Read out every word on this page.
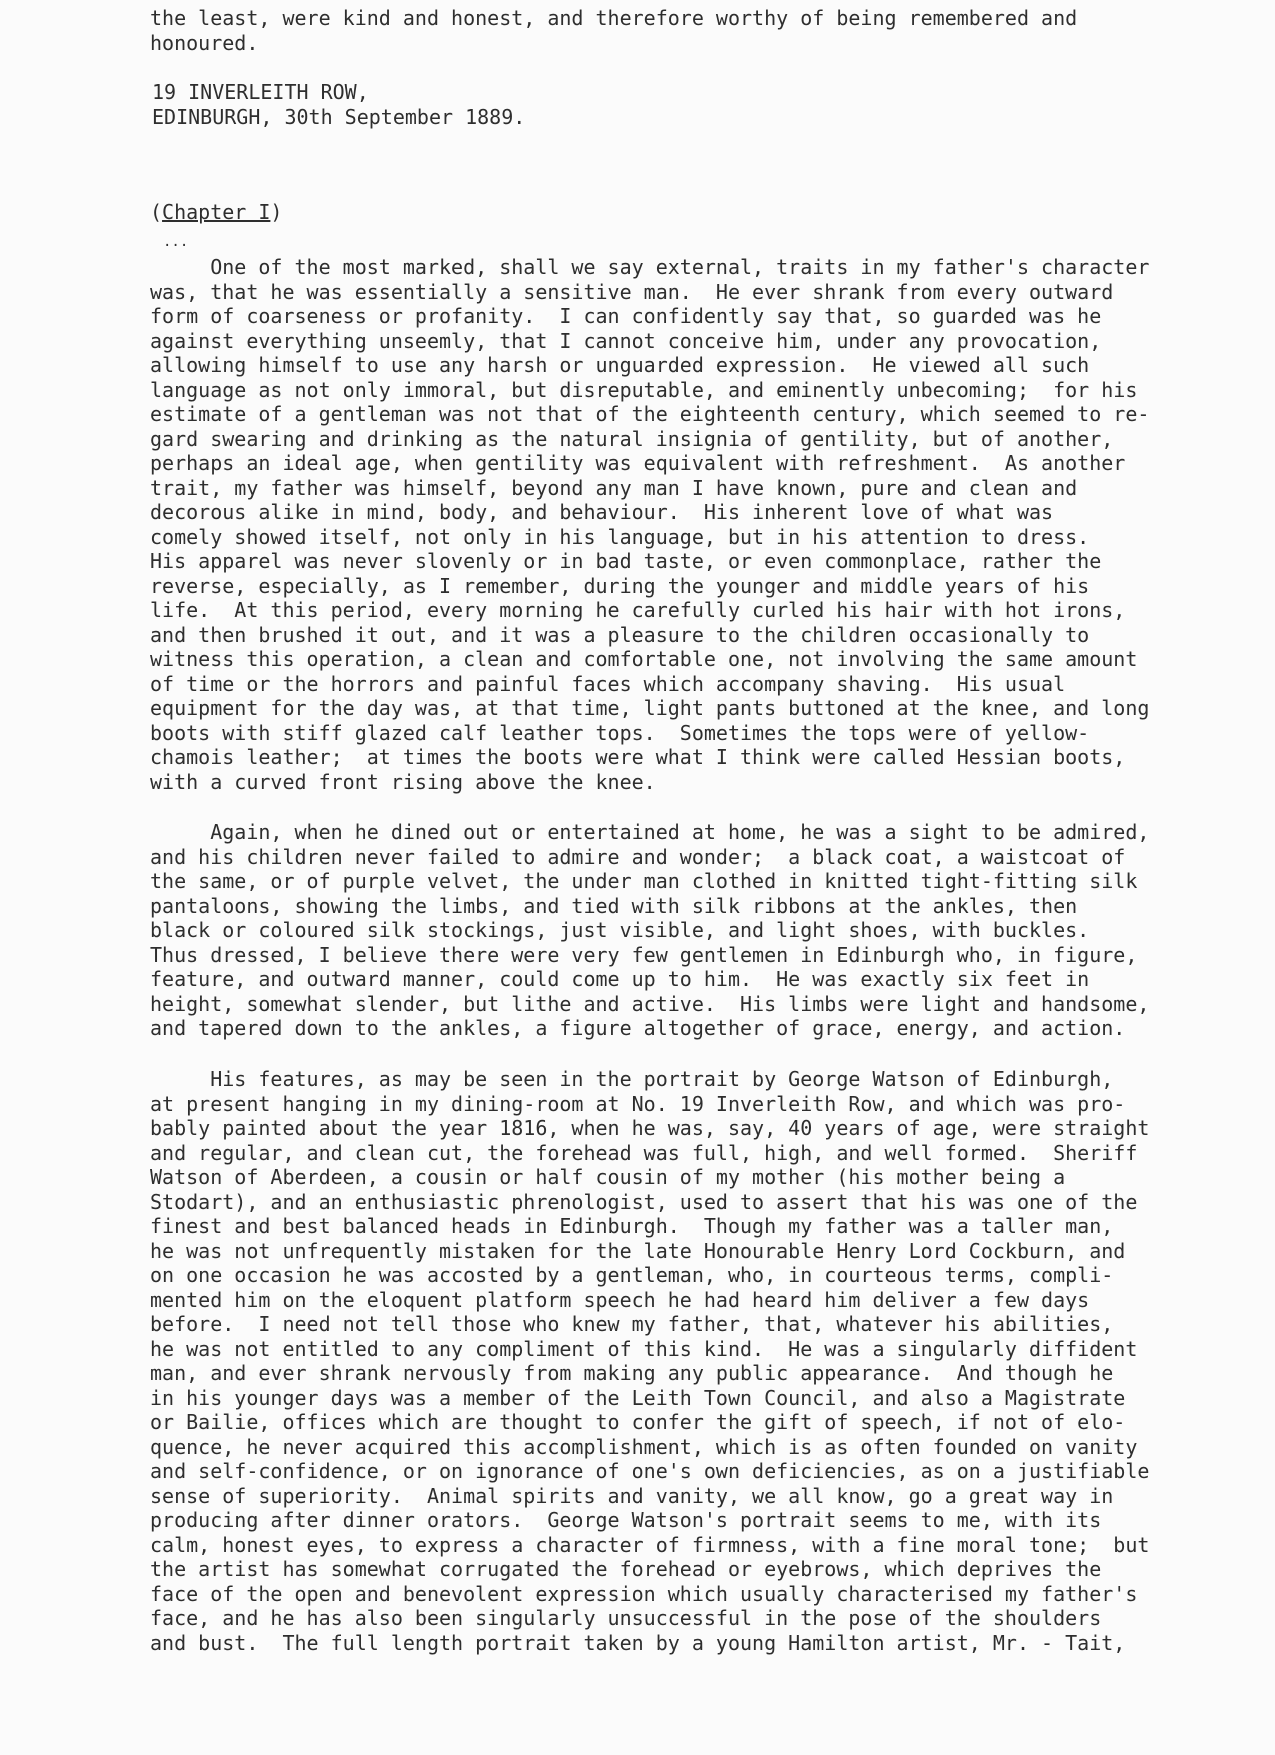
the least, were kind and honest, and therefore worthy of being remembered and
honoured.
19 INVERLEITH ROW,
EDINBURGH, 30th September 1889.
(Chapter I)
...
One of the most marked, shall we say external, traits in my father's character
was, that he was essentially a sensitive man.  He ever shrank from every outward
form of coarseness or profanity.  I can confidently say that, so guarded was he
against everything unseemly, that I cannot conceive him, under any provocation,
allowing himself to use any harsh or unguarded expression.  He viewed all such
language as not only immoral, but disreputable, and eminently unbecoming;  for his
estimate of a gentleman was not that of the eighteenth century, which seemed to re-
gard swearing and drinking as the natural insignia of gentility, but of another,
perhaps an ideal age, when gentility was equivalent with refreshment.  As another
trait, my father was himself, beyond any man I have known, pure and clean and
decorous alike in mind, body, and behaviour.  His inherent love of what was
comely showed itself, not only in his language, but in his attention to dress.
His apparel was never slovenly or in bad taste, or even commonplace, rather the
reverse, especially, as I remember, during the younger and middle years of his
life.  At this period, every morning he carefully curled his hair with hot irons,
and then brushed it out, and it was a pleasure to the children occasionally to
witness this operation, a clean and comfortable one, not involving the same amount
of time or the horrors and painful faces which accompany shaving.  His usual
equipment for the day was, at that time, light pants buttoned at the knee, and long
boots with stiff glazed calf leather tops.  Sometimes the tops were of yellow-
chamois leather;  at times the boots were what I think were called Hessian boots,
with a curved front rising above the knee.
Again, when he dined out or entertained at home, he was a sight to be admired,
and his children never failed to admire and wonder;  a black coat, a waistcoat of
the same, or of purple velvet, the under man clothed in knitted tight-fitting silk
pantaloons, showing the limbs, and tied with silk ribbons at the ankles, then
black or coloured silk stockings, just visible, and light shoes, with buckles.
Thus dressed, I believe there were very few gentlemen in Edinburgh who, in figure,
feature, and outward manner, could come up to him.  He was exactly six feet in
height, somewhat slender, but lithe and active.  His limbs were light and handsome,
and tapered down to the ankles, a figure altogether of grace, energy, and action.
His features, as may be seen in the portrait by George Watson of Edinburgh,
at present hanging in my dining-room at No. 19 Inverleith Row, and which was pro-
bably painted about the year 1816, when he was, say, 40 years of age, were straight
and regular, and clean cut, the forehead was full, high, and well formed.  Sheriff
Watson of Aberdeen, a cousin or half cousin of my mother (his mother being a
Stodart), and an enthusiastic phrenologist, used to assert that his was one of the
finest and best balanced heads in Edinburgh.  Though my father was a taller man,
he was not unfrequently mistaken for the late Honourable Henry Lord Cockburn, and
on one occasion he was accosted by a gentleman, who, in courteous terms, compli-
mented him on the eloquent platform speech he had heard him deliver a few days
before.  I need not tell those who knew my father, that, whatever his abilities,
he was not entitled to any compliment of this kind.  He was a singularly diffident
man, and ever shrank nervously from making any public appearance.  And though he
in his younger days was a member of the Leith Town Council, and also a Magistrate
or Bailie, offices which are thought to confer the gift of speech, if not of elo-
quence, he never acquired this accomplishment, which is as often founded on vanity
and self-confidence, or on ignorance of one's own deficiencies, as on a justifiable
sense of superiority.  Animal spirits and vanity, we all know, go a great way in
producing after dinner orators.  George Watson's portrait seems to me, with its
calm, honest eyes, to express a character of firmness, with a fine moral tone;  but
the artist has somewhat corrugated the forehead or eyebrows, which deprives the
face of the open and benevolent expression which usually characterised my father's
face, and he has also been singularly unsuccessful in the pose of the shoulders
and bust.  The full length portrait taken by a young Hamilton artist, Mr. - Tait,
